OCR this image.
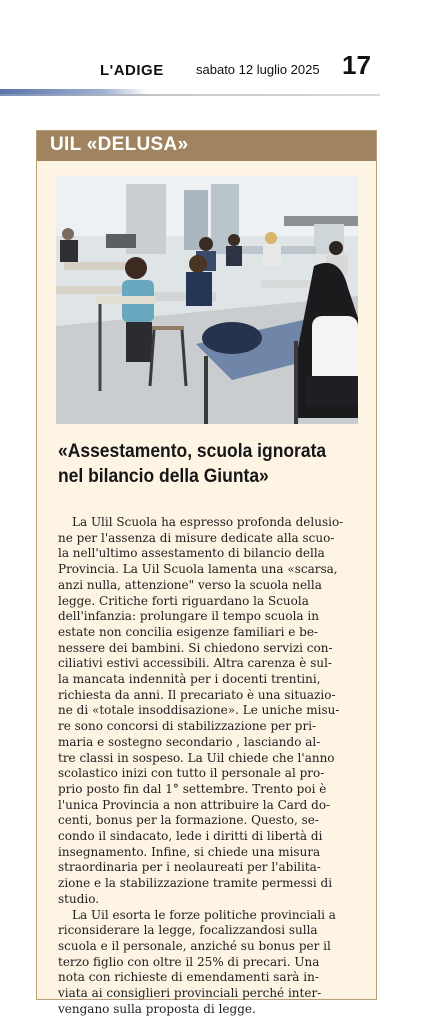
L'ADIGE sabato 12 luglio 2025 17
UIL «DELUSA»
«Assestamento, scuola ignorata
nel bilancio della Giunta»
La Ulil Scuola ha espresso profonda delusio-
ne per l'assenza di misure dedicate alla scuo-
la nell'ultimo assestamento di bilancio della
Provincia. La Uil Scuola lamenta una «scarsa,
anzi nulla, attenzione" verso la scuola nella
legge. Critiche forti riguardano la Scuola
dell'infanzia: prolungare il tempo scuola in
estate non concilia esigenze familiari e be-
nessere dei bambini. Si chiedono servizi con-
ciliativi estivi accessibili. Altra carenza è sul-
la mancata indennità per i docenti trentini,
richiesta da anni. Il precariato è una situazio-
ne di «totale insoddisazione». Le uniche misu-
re sono concorsi di stabilizzazione per pri-
maria e sostegno secondario , lasciando al-
tre classi in sospeso. La Uil chiede che l'anno
scolastico inizi con tutto il personale al pro-
prio posto fin dal 1° settembre. Trento poi è
l'unica Provincia a non attribuire la Card do-
centi, bonus per la formazione. Questo, se-
condo il sindacato, lede i diritti di libertà di
insegnamento. Infine, si chiede una misura
straordinaria per i neolaureati per l'abilita-
zione e la stabilizzazione tramite permessi di
studio.
La Uil esorta le forze politiche provinciali a
riconsiderare la legge, focalizzandosi sulla
scuola e il personale, anziché su bonus per il
terzo figlio con oltre il 25% di precari. Una
nota con richieste di emendamenti sarà in-
viata ai consiglieri provinciali perché inter-
vengano sulla proposta di legge.
